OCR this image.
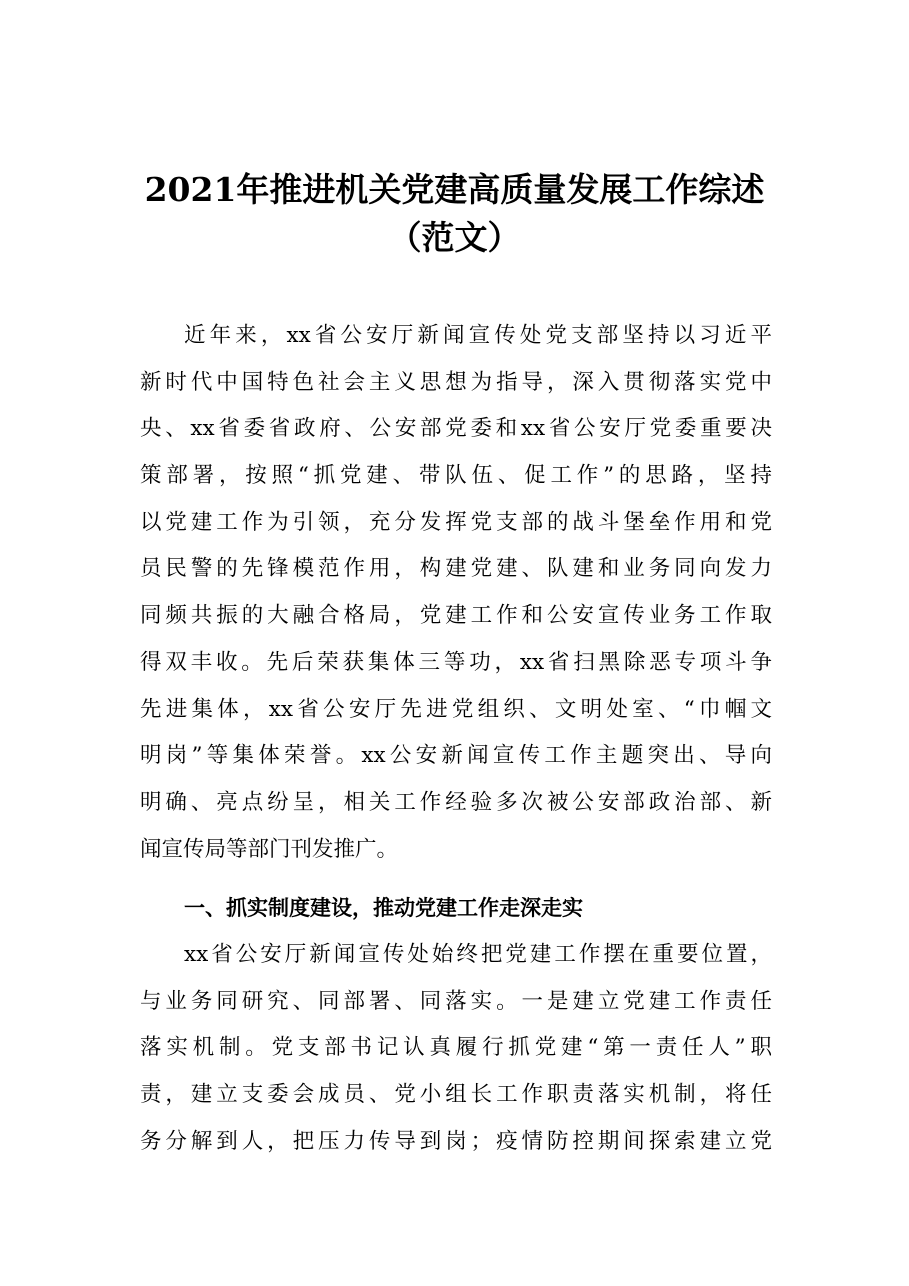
2021年推进机关党建高质量发展工作综述
（范文）
近年来，xx省公安厅新闻宣传处党支部坚持以习近平
新时代中国特色社会主义思想为指导，深入贯彻落实党中
央、xx省委省政府、公安部党委和xx省公安厅党委重要决
策部署，按照“抓党建、带队伍、促工作”的思路，坚持
以党建工作为引领，充分发挥党支部的战斗堡垒作用和党
员民警的先锋模范作用，构建党建、队建和业务同向发力
同频共振的大融合格局，党建工作和公安宣传业务工作取
得双丰收。先后荣获集体三等功，xx省扫黑除恶专项斗争
先进集体，xx省公安厅先进党组织、文明处室、“巾帼文
明岗”等集体荣誉。xx公安新闻宣传工作主题突出、导向
明确、亮点纷呈，相关工作经验多次被公安部政治部、新
闻宣传局等部门刊发推广。
一、抓实制度建设，推动党建工作走深走实
xx省公安厅新闻宣传处始终把党建工作摆在重要位置，
与业务同研究、同部署、同落实。一是建立党建工作责任
落实机制。党支部书记认真履行抓党建“第一责任人”职
责，建立支委会成员、党小组长工作职责落实机制，将任
务分解到人，把压力传导到岗；疫情防控期间探索建立党
